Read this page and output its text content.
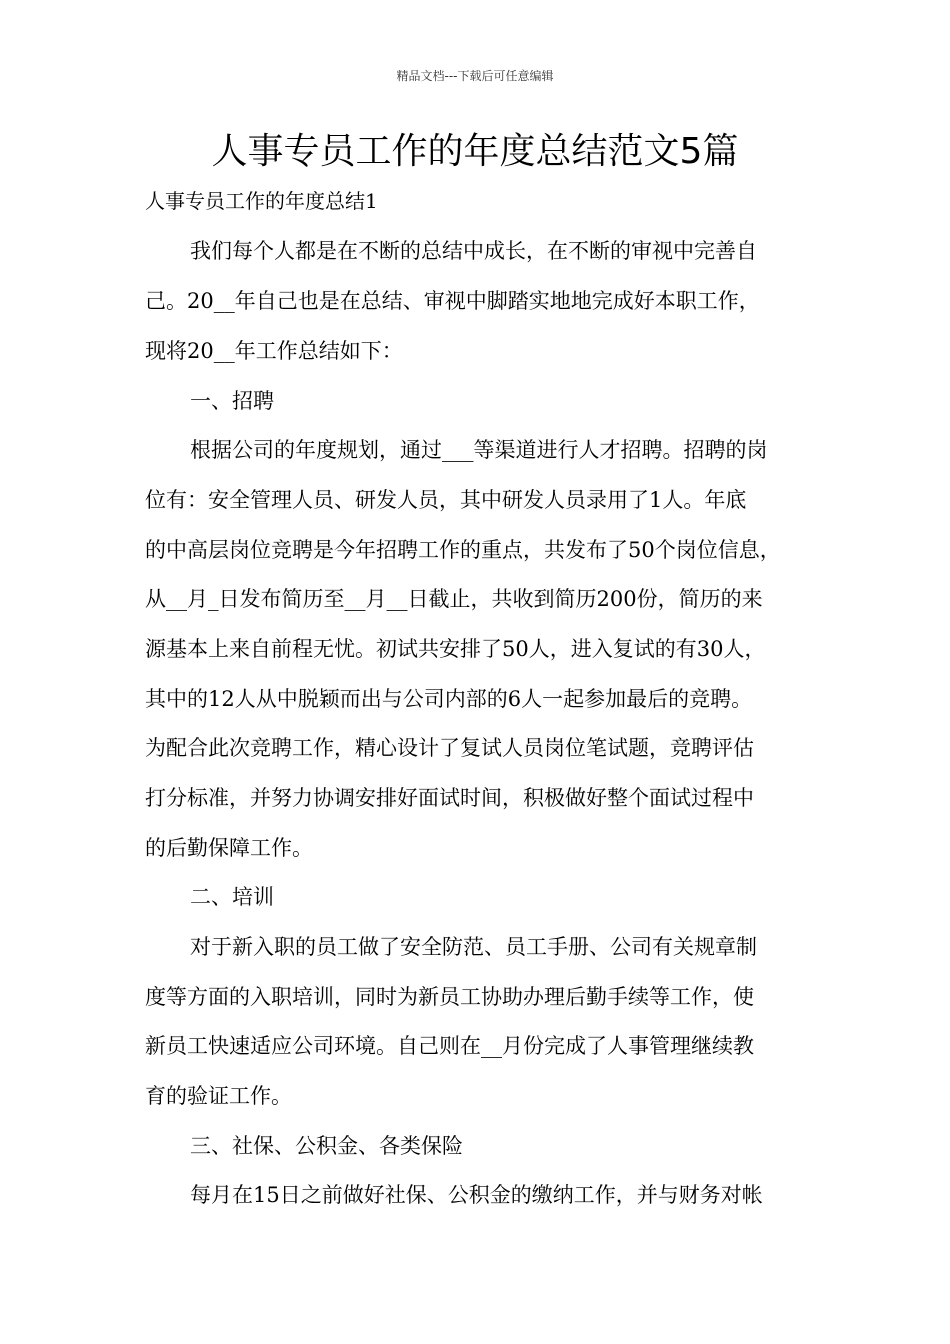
精品文档---下载后可任意编辑
人事专员工作的年度总结范文5篇
人事专员工作的年度总结1
我们每个人都是在不断的总结中成长，在不断的审视中完善自
己。20__年自己也是在总结、审视中脚踏实地地完成好本职工作，
现将20__年工作总结如下：
一、招聘
根据公司的年度规划，通过___等渠道进行人才招聘。招聘的岗
位有：安全管理人员、研发人员，其中研发人员录用了1人。年底
的中高层岗位竞聘是今年招聘工作的重点，共发布了50个岗位信息，
从__月_日发布简历至__月__日截止，共收到简历200份，简历的来
源基本上来自前程无忧。初试共安排了50人，进入复试的有30人，
其中的12人从中脱颖而出与公司内部的6人一起参加最后的竞聘。
为配合此次竞聘工作，精心设计了复试人员岗位笔试题，竞聘评估
打分标准，并努力协调安排好面试时间，积极做好整个面试过程中
的后勤保障工作。
二、培训
对于新入职的员工做了安全防范、员工手册、公司有关规章制
度等方面的入职培训，同时为新员工协助办理后勤手续等工作，使
新员工快速适应公司环境。自己则在__月份完成了人事管理继续教
育的验证工作。
三、社保、公积金、各类保险
每月在15日之前做好社保、公积金的缴纳工作，并与财务对帐
